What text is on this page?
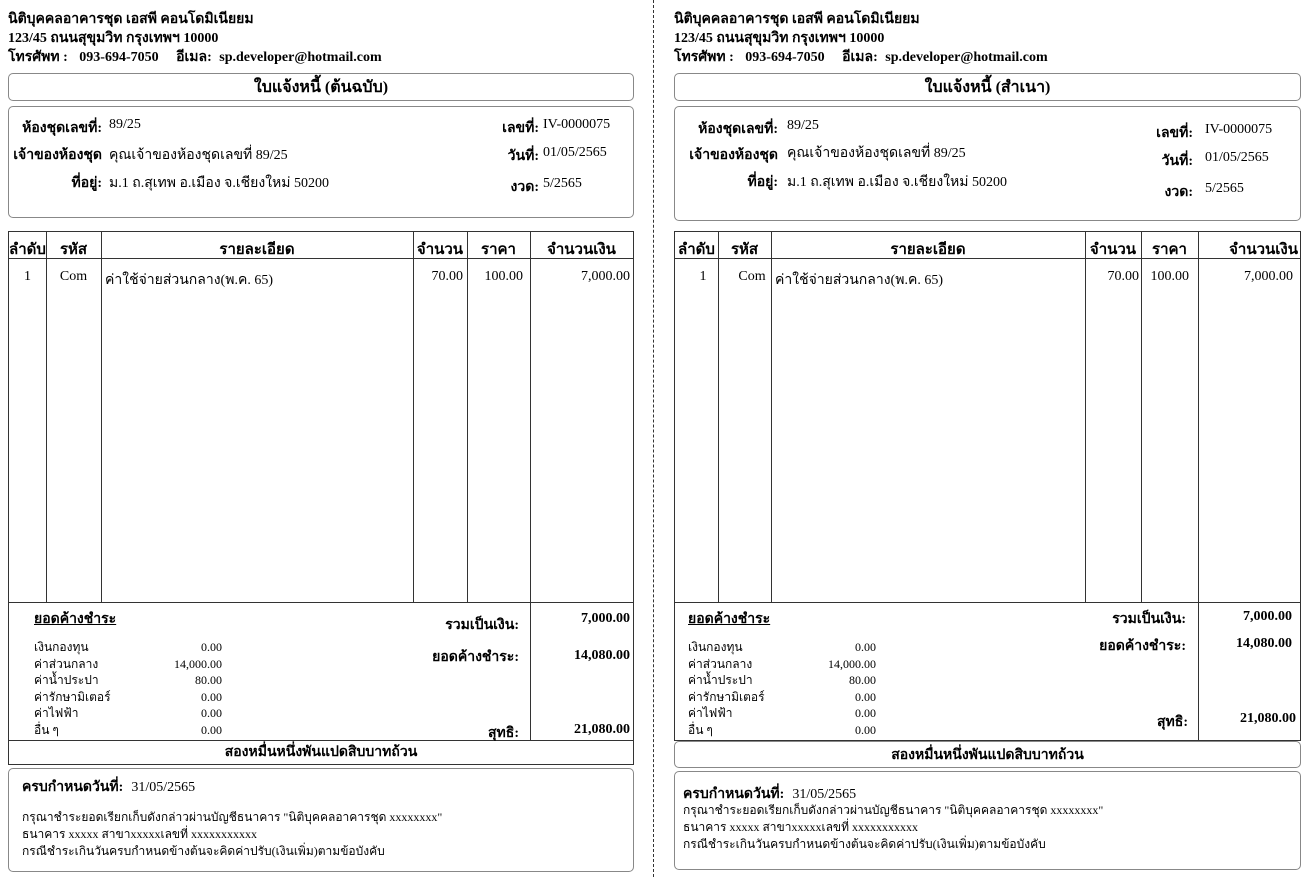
นิติบุคคลอาคารชุด เอสพี คอนโดมิเนียยม
123/45 ถนนสุขุมวิท กรุงเทพฯ 10000
โทรศัพท : 093-694-7050 อีเมล: sp.developer@hotmail.com
ใบแจ้งหนี้ (ต้นฉบับ)
ห้องชุดเลขที่: 89/25
เจ้าของห้องชุด คุณเจ้าของห้องชุดเลขที่ 89/25
ที่อยู่: ม.1 ถ.สุเทพ อ.เมือง จ.เชียงใหม่ 50200
เลขที่: IV-0000075
วันที่: 01/05/2565
งวด: 5/2565
ลำดับ รหัส	รายละเอียด	จำนวน	ราคา	จำนวนเงิน
1	Com	ค่าใช้จ่ายส่วนกลาง(พ.ค. 65)	70.00	100.00	7,000.00
ยอดค้างชำระ	รวมเป็นเงิน:	7,000.00
ยอดค้างชำระ:	14,080.00
สุทธิ:	21,080.00
เงินกองทุน	0.00
ค่าส่วนกลาง	14,000.00
ค่าน้ำประปา	80.00
ค่ารักษามิเตอร์	0.00
ค่าไฟฟ้า	0.00
อื่น ๆ	0.00
สองหมื่นหนึ่งพันแปดสิบบาทถ้วน
ครบกำหนดวันที่: 31/05/2565
กรุณาชำระยอดเรียกเก็บดังกล่าวผ่านบัญชีธนาคาร "นิติบุคคลอาคารชุด xxxxxxxx"
ธนาคาร xxxxx สาขาxxxxxเลขที่ xxxxxxxxxxx
กรณีชำระเกินวันครบกำหนดข้างต้นจะคิดค่าปรับ(เงินเพิ่ม)ตามข้อบังคับ
นิติบุคคลอาคารชุด เอสพี คอนโดมิเนียยม
123/45 ถนนสุขุมวิท กรุงเทพฯ 10000
โทรศัพท : 093-694-7050 อีเมล: sp.developer@hotmail.com
ใบแจ้งหนี้ (สำเนา)
ห้องชุดเลขที่: 89/25
เจ้าของห้องชุด คุณเจ้าของห้องชุดเลขที่ 89/25
ที่อยู่: ม.1 ถ.สุเทพ อ.เมือง จ.เชียงใหม่ 50200
เลขที่: IV-0000075
วันที่: 01/05/2565
งวด: 5/2565
ลำดับ	รหัส	รายละเอียด	จำนวน	ราคา	จำนวนเงิน
1	Com ค่าใช้จ่ายส่วนกลาง(พ.ค. 65)	70.00 100.00	7,000.00
ยอดค้างชำระ	รวมเป็นเงิน:	7,000.00
ยอดค้างชำระ:	14,080.00
สุทธิ:	21,080.00
เงินกองทุน	0.00
ค่าส่วนกลาง	14,000.00
ค่าน้ำประปา	80.00
ค่ารักษามิเตอร์	0.00
ค่าไฟฟ้า	0.00
อื่น ๆ	0.00
สองหมื่นหนึ่งพันแปดสิบบาทถ้วน
ครบกำหนดวันที่: 31/05/2565
กรุณาชำระยอดเรียกเก็บดังกล่าวผ่านบัญชีธนาคาร "นิติบุคคลอาคารชุด xxxxxxxx"
ธนาคาร xxxxx สาขาxxxxxเลขที่ xxxxxxxxxxx
กรณีชำระเกินวันครบกำหนดข้างต้นจะคิดค่าปรับ(เงินเพิ่ม)ตามข้อบังคับ
